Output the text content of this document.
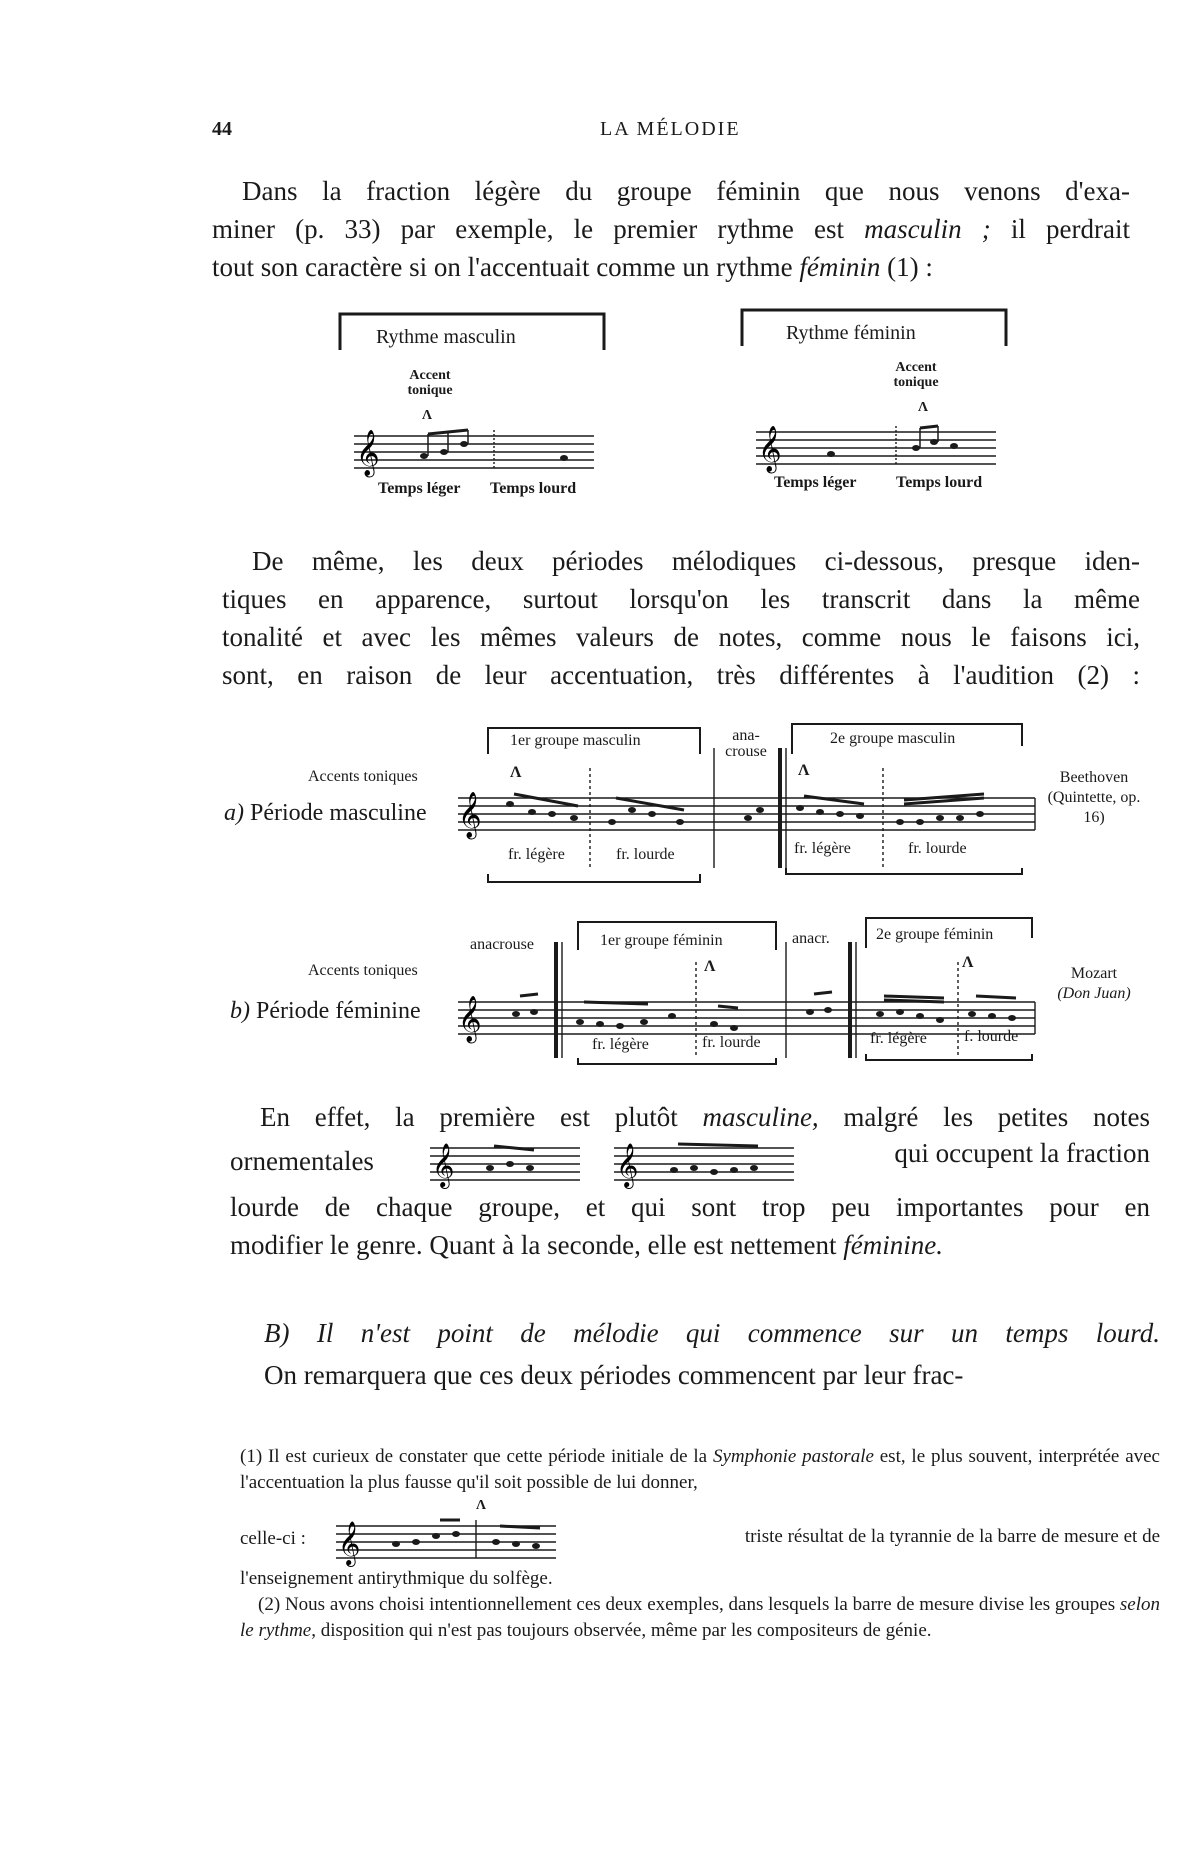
44	LA MÉLODIE

Dans la fraction légère du groupe féminin que nous venons d'exa-

miner (p. 33) par exemple, le premier rythme est masculin ; il perdrait

tout son caractère si on l'accentuait comme un rythme féminin (1) :

Rythme masculin
Accent tonique
Λ
𝄞
Temps léger Temps lourd
Rythme féminin
Accent tonique
Λ
𝄞
Temps léger Temps lourd

De même, les deux périodes mélodiques ci-dessous, presque iden-

tiques en apparence, surtout lorsqu'on les transcrit dans la même

tonalité et avec les mêmes valeurs de notes, comme nous le faisons ici,

sont, en raison de leur accentuation, très différentes à l'audition (2) :

𝄞
Accents toniques	Λ	Λ
a) Période masculine
1er groupe masculin	ana-crouse
2e groupe masculin
fr. légère	fr. lourde	fr. légère	fr. lourde
Beethoven
(Quintette, op. 16)
𝄞
anacrouse	1er groupe féminin	anacr.	2e groupe féminin
Accents toniques	Λ	Λ
b) Période féminine
fr. légère	fr. lourde	fr. légère f. lourde
Mozart
(Don Juan)

En effet, la première est plutôt masculine, malgré les petites notes

ornementales 𝄞	𝄞	qui occupent la fraction

lourde de chaque groupe, et qui sont trop peu importantes pour en

modifier le genre. Quant à la seconde, elle est nettement féminine.

B) Il n'est point de mélodie qui commence sur un temps lourd.

On remarquera que ces deux périodes commencent par leur frac-

(1) Il est curieux de constater que cette période initiale de la Symphonie pastorale est, le plus souvent, interprétée avec l'accentuation la plus fausse qu'il soit possible de lui donner,

celle-ci :
Λ
𝄞	triste résultat de la tyrannie de la barre de mesure et de

l'enseignement antirythmique du solfège.

(2) Nous avons choisi intentionnellement ces deux exemples, dans lesquels la barre de mesure divise les groupes selon le rythme, disposition qui n'est pas toujours observée, même par les compositeurs de génie.
